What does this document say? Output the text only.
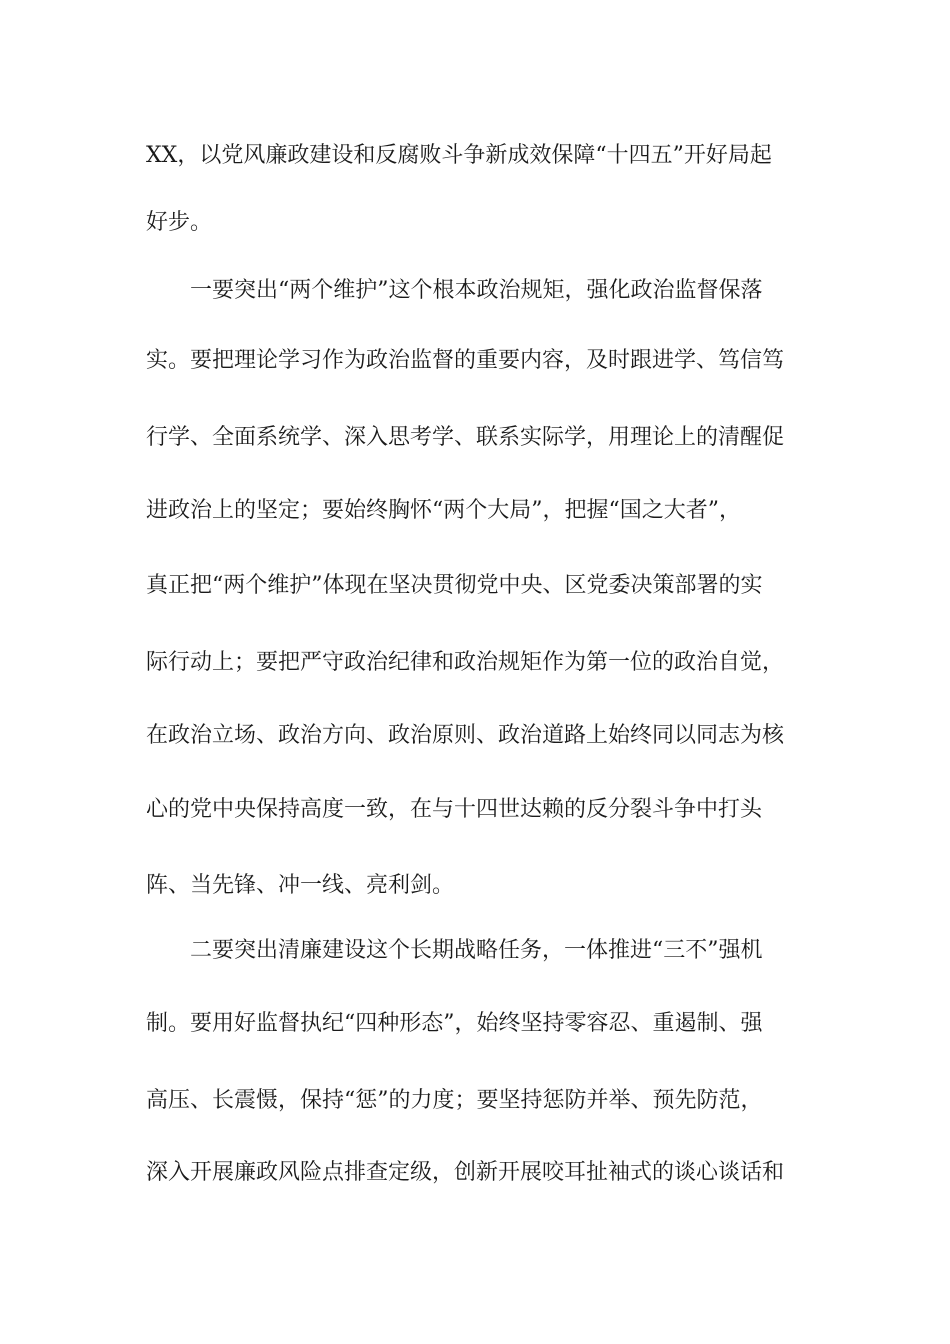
XX，以党风廉政建设和反腐败斗争新成效保障“十四五”开好局起
好步。
一要突出“两个维护”这个根本政治规矩，强化政治监督保落
实。要把理论学习作为政治监督的重要内容，及时跟进学、笃信笃
行学、全面系统学、深入思考学、联系实际学，用理论上的清醒促
进政治上的坚定；要始终胸怀“两个大局”，把握“国之大者”，
真正把“两个维护”体现在坚决贯彻党中央、区党委决策部署的实
际行动上；要把严守政治纪律和政治规矩作为第一位的政治自觉，
在政治立场、政治方向、政治原则、政治道路上始终同以同志为核
心的党中央保持高度一致，在与十四世达赖的反分裂斗争中打头
阵、当先锋、冲一线、亮利剑。
二要突出清廉建设这个长期战略任务，一体推进“三不”强机
制。要用好监督执纪“四种形态”，始终坚持零容忍、重遏制、强
高压、长震慑，保持“惩”的力度；要坚持惩防并举、预先防范，
深入开展廉政风险点排查定级，创新开展咬耳扯袖式的谈心谈话和
